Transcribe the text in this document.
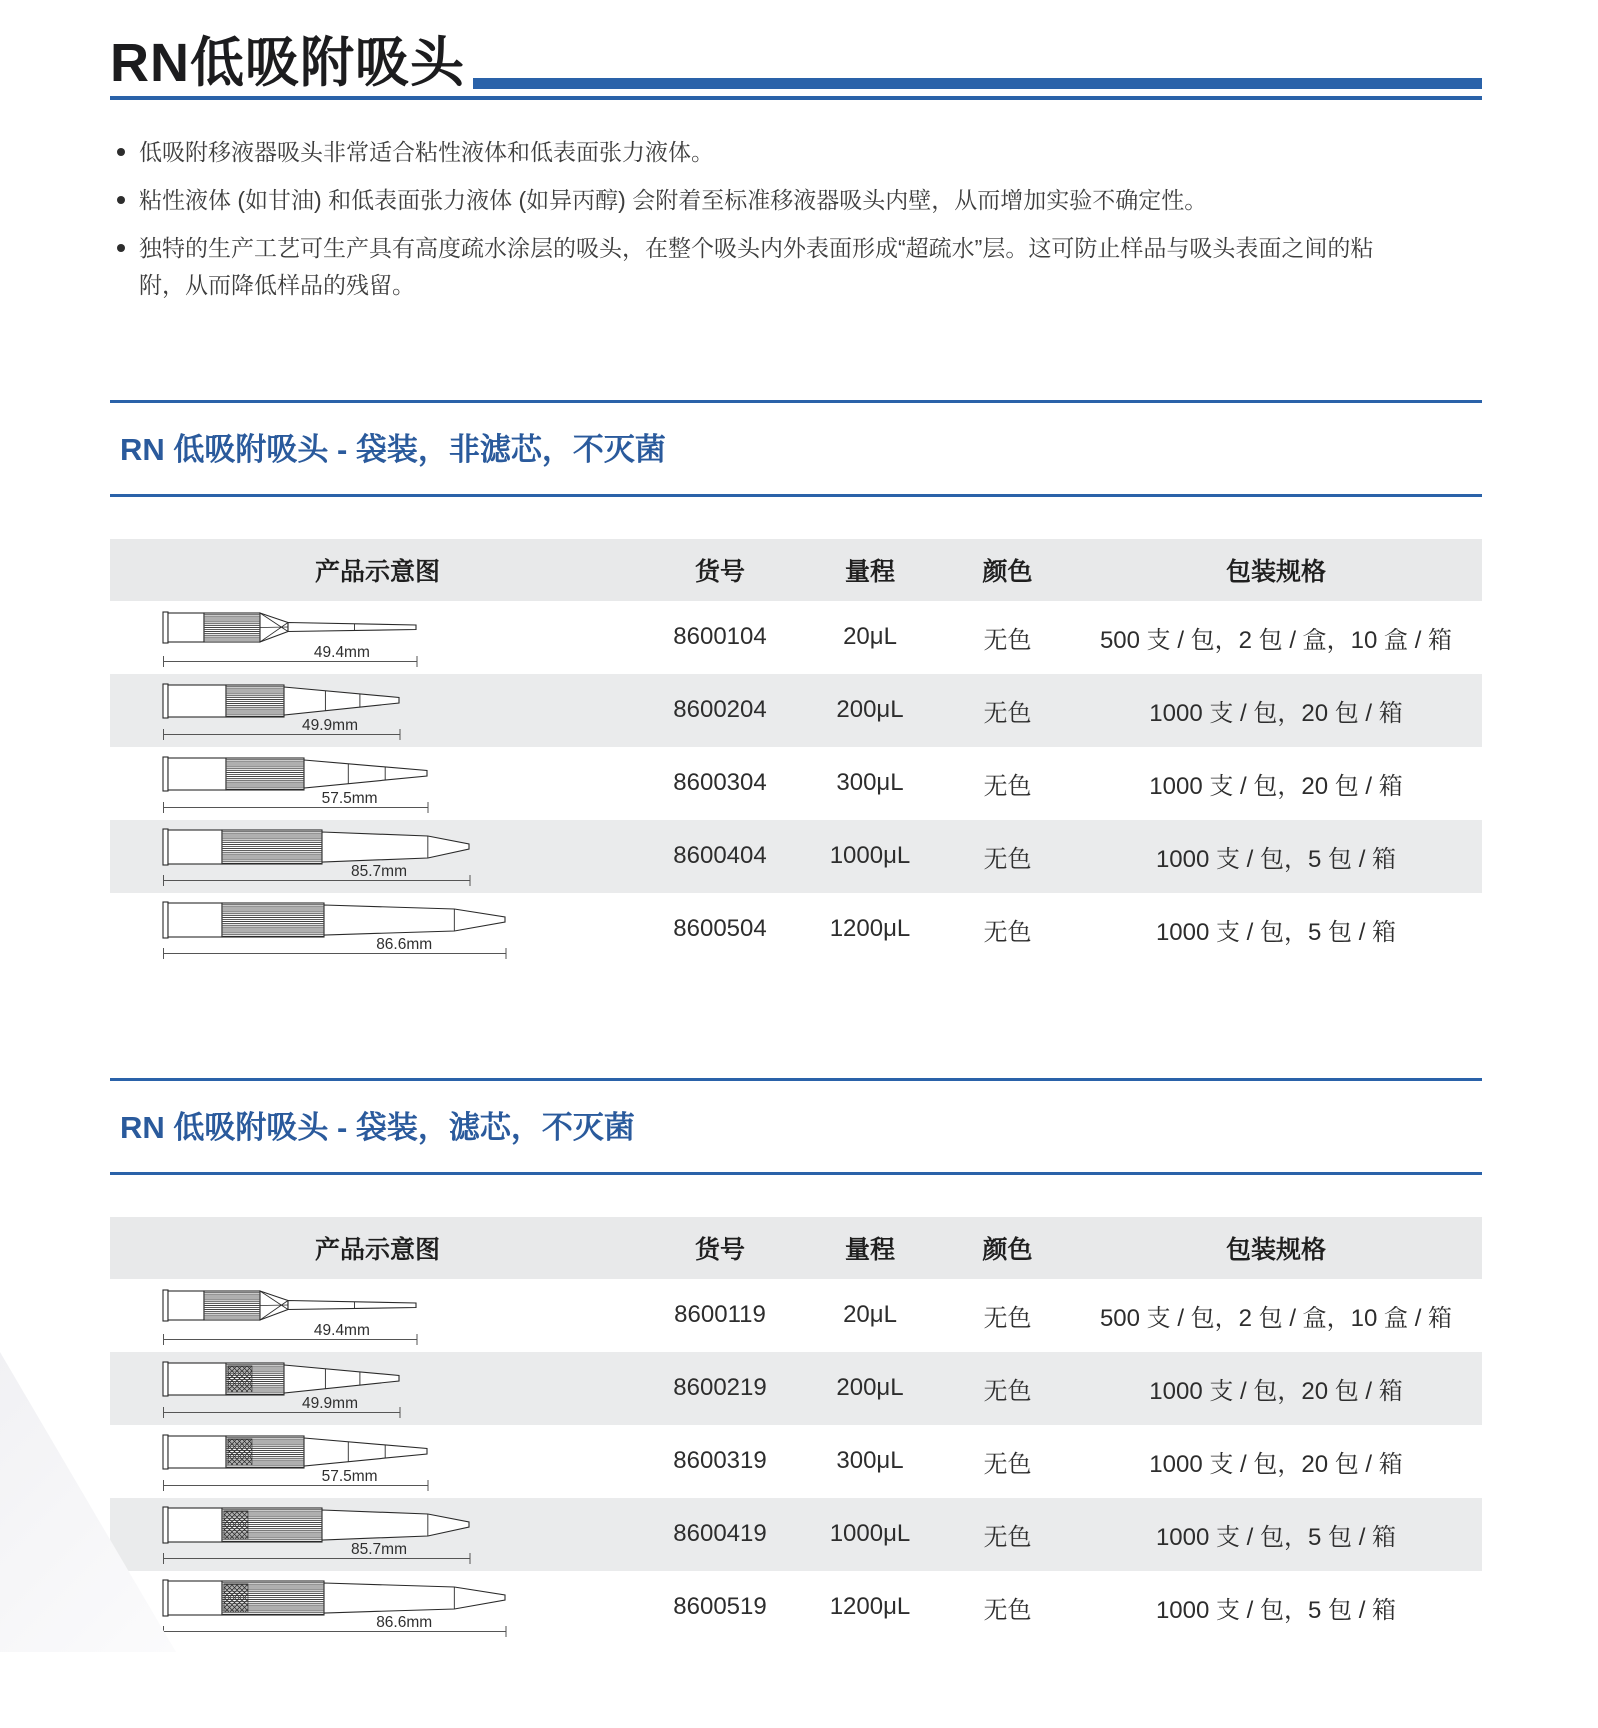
RN低吸附吸头
低吸附移液器吸头非常适合粘性液体和低表面张力液体。
粘性液体 (如甘油) 和低表面张力液体 (如异丙醇) 会附着至标准移液器吸头内壁，从而增加实验不确定性。
独特的生产工艺可生产具有高度疏水涂层的吸头，在整个吸头内外表面形成“超疏水”层。这可防止样品与吸头表面之间的粘附，从而降低样品的残留。
RN 低吸附吸头 - 袋装，非滤芯，不灭菌
产品示意图	货号	量程	颜色	包装规格
49.4mm
8600104	20μL	无色	500 支 / 包，2 包 / 盒，10 盒 / 箱
49.9mm
8600204	200μL	无色	1000 支 / 包，20 包 / 箱
57.5mm
8600304	300μL	无色	1000 支 / 包，20 包 / 箱
85.7mm
8600404	1000μL	无色	1000 支 / 包，5 包 / 箱
86.6mm
8600504	1200μL	无色	1000 支 / 包，5 包 / 箱
RN 低吸附吸头 - 袋装，滤芯，不灭菌
产品示意图	货号	量程	颜色	包装规格
49.4mm
8600119	20μL	无色	500 支 / 包，2 包 / 盒，10 盒 / 箱
49.9mm
8600219	200μL	无色	1000 支 / 包，20 包 / 箱
57.5mm
8600319	300μL	无色	1000 支 / 包，20 包 / 箱
85.7mm
8600419	1000μL	无色	1000 支 / 包，5 包 / 箱
86.6mm
8600519	1200μL	无色	1000 支 / 包，5 包 / 箱
